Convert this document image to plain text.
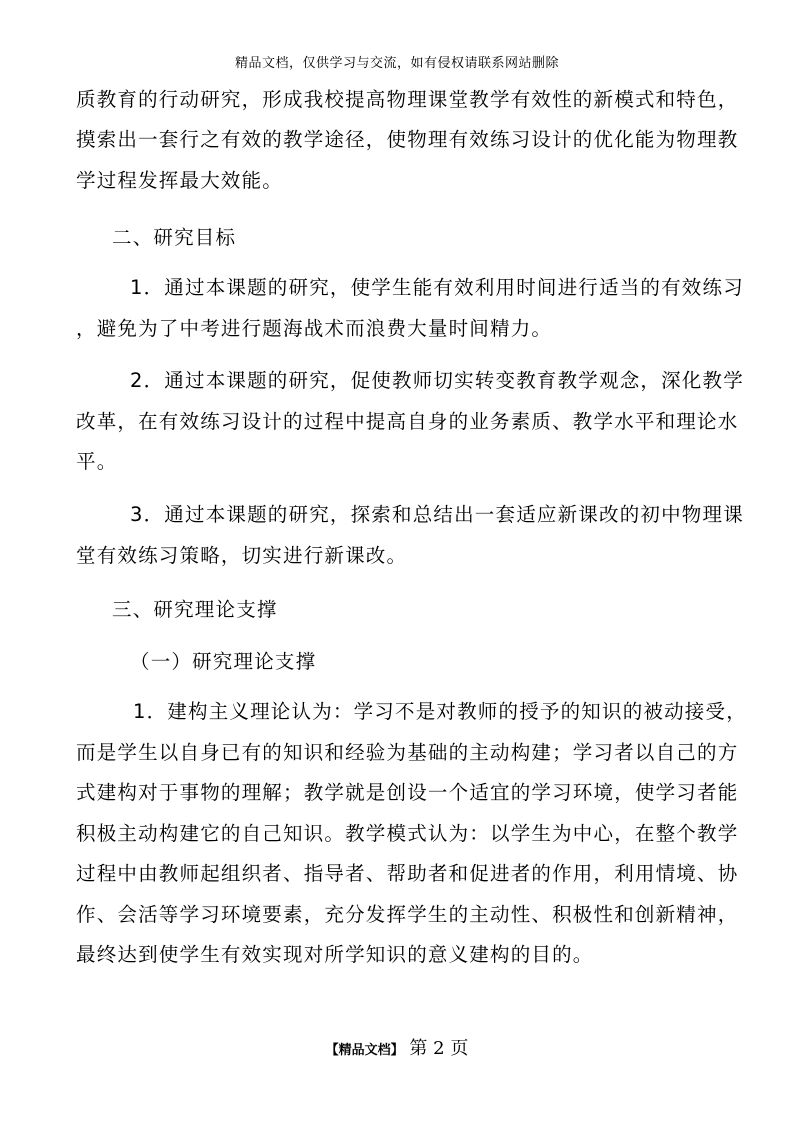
精品文档，仅供学习与交流，如有侵权请联系网站删除
质教育的行动研究，形成我校提高物理课堂教学有效性的新模式和特色，
摸索出一套行之有效的教学途径，使物理有效练习设计的优化能为物理教
学过程发挥最大效能。
二、研究目标
1．通过本课题的研究，使学生能有效利用时间进行适当的有效练习
，避免为了中考进行题海战术而浪费大量时间精力。
2．通过本课题的研究，促使教师切实转变教育教学观念，深化教学
改革，在有效练习设计的过程中提高自身的业务素质、教学水平和理论水
平。
3．通过本课题的研究，探索和总结出一套适应新课改的初中物理课
堂有效练习策略，切实进行新课改。
三、研究理论支撑
（一）研究理论支撑
1．建构主义理论认为：学习不是对教师的授予的知识的被动接受，
而是学生以自身已有的知识和经验为基础的主动构建；学习者以自己的方
式建构对于事物的理解；教学就是创设一个适宜的学习环境，使学习者能
积极主动构建它的自己知识。教学模式认为：以学生为中心，在整个教学
过程中由教师起组织者、指导者、帮助者和促进者的作用，利用情境、协
作、会活等学习环境要素，充分发挥学生的主动性、积极性和创新精神，
最终达到使学生有效实现对所学知识的意义建构的目的。
【精品文档】 第 2 页
